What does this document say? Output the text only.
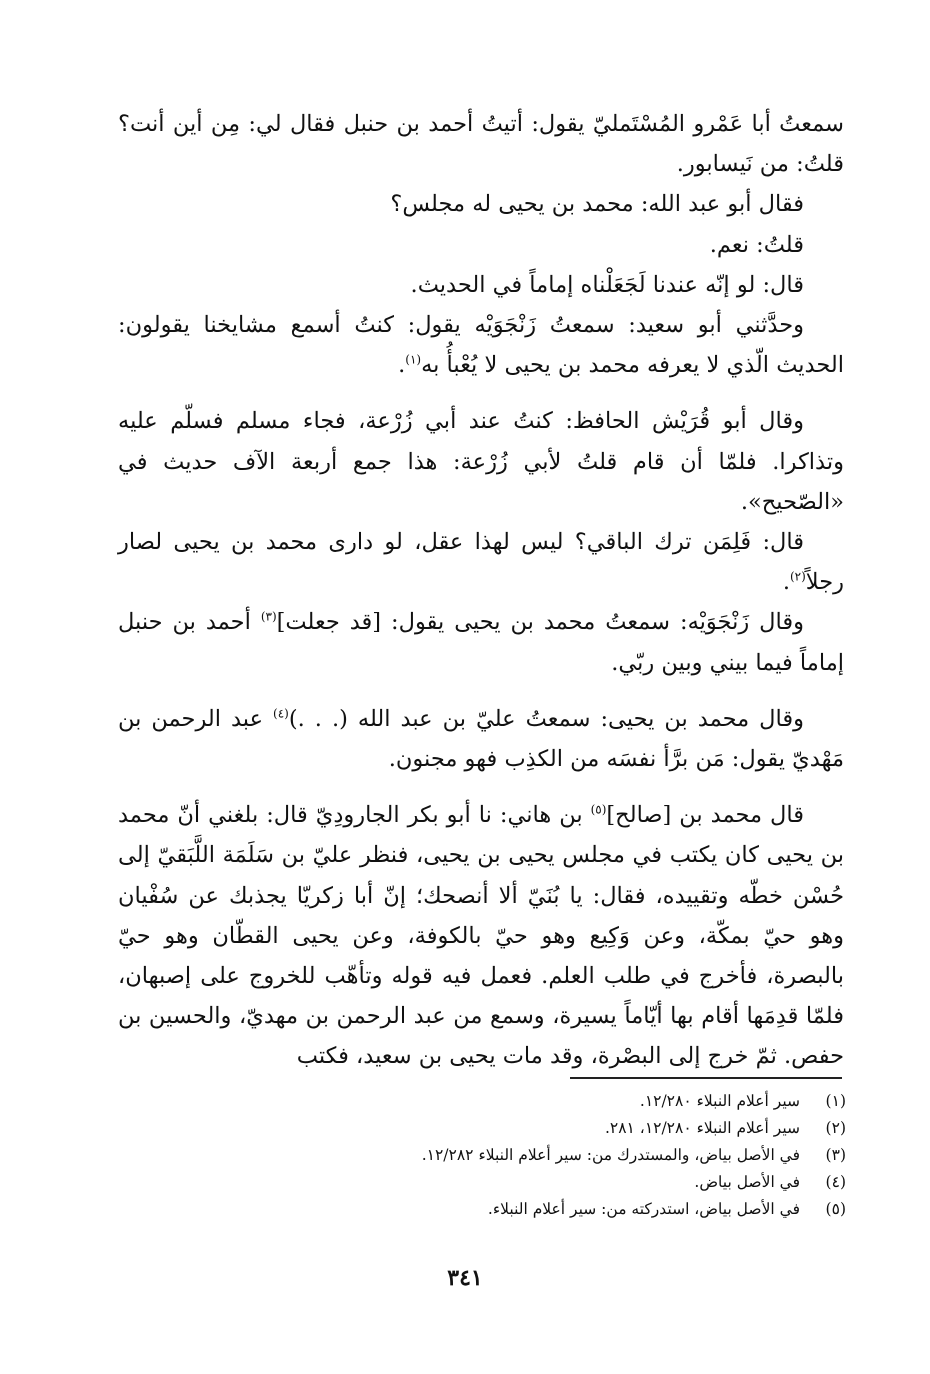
سمعتُ أبا عَمْرو المُسْتَمليّ يقول: أتيتُ أحمد بن حنبل فقال لي: مِن أين أنت؟ قلتُ: من نَيسابور.

فقال أبو عبد الله: محمد بن يحيى له مجلس؟

قلتُ: نعم.

قال: لو إنّه عندنا لَجَعَلْناه إماماً في الحديث.

وحدَّثني أبو سعيد: سمعتُ زَنْجَوَيْه يقول: كنتُ أسمع مشايخنا يقولون: الحديث الّذي لا يعرفه محمد بن يحيى لا يُعْبأُ به$^{(١)}$.

وقال أبو قُرَيْش الحافظ: كنتُ عند أبي زُرْعة، فجاء مسلم فسلّم عليه وتذاكرا. فلمّا أن قام قلتُ لأبي زُرْعة: هذا جمع أربعة الآف حديث في «الصّحيح».

قال: فَلِمَن ترك الباقي؟ ليس لهذا عقل، لو دارى محمد بن يحيى لصار رجلاً$^{(٢)}$.

وقال زَنْجَوَيْه: سمعتُ محمد بن يحيى يقول: [قد جعلت]$^{(٣)}$ أحمد بن حنبل إماماً فيما بيني وبين ربّي.

وقال محمد بن يحيى: سمعتُ عليّ بن عبد الله (. . .)$^{(٤)}$ عبد الرحمن بن مَهْديّ يقول: مَن برَّأ نفسَه من الكذِب فهو مجنون.

قال محمد بن [صالح]$^{(٥)}$ بن هاني: نا أبو بكر الجارودِيّ قال: بلغني أنّ محمد بن يحيى كان يكتب في مجلس يحيى بن يحيى، فنظر عليّ بن سَلَمَة اللَّبَقيّ إلى حُسْن خطّه وتقييده، فقال: يا بُنَيّ ألا أنصحك؛ إنّ أبا زكريّا يجذبك عن سُفْيان وهو حيّ بمكّة، وعن وَكِيع وهو حيّ بالكوفة، وعن يحيى القطّان وهو حيّ بالبصرة، فأخرج في طلب العلم. فعمل فيه قوله وتأهّب للخروج على إصبهان، فلمّا قدِمَها أقام بها أيّاماً يسيرة، وسمع من عبد الرحمن بن مهديّ، والحسين بن حفص. ثمّ خرج إلى البصْرة، وقد مات يحيى بن سعيد، فكتب

(١)
سير أعلام النبلاء ١٢/٢٨٠.
(٢)
سير أعلام النبلاء ١٢/٢٨٠، ٢٨١.
(٣)
في الأصل بياض، والمستدرك من: سير أعلام النبلاء ١٢/٢٨٢.
(٤)
في الأصل بياض.
(٥)
في الأصل بياض، استدركته من: سير أعلام النبلاء.
٣٤١
